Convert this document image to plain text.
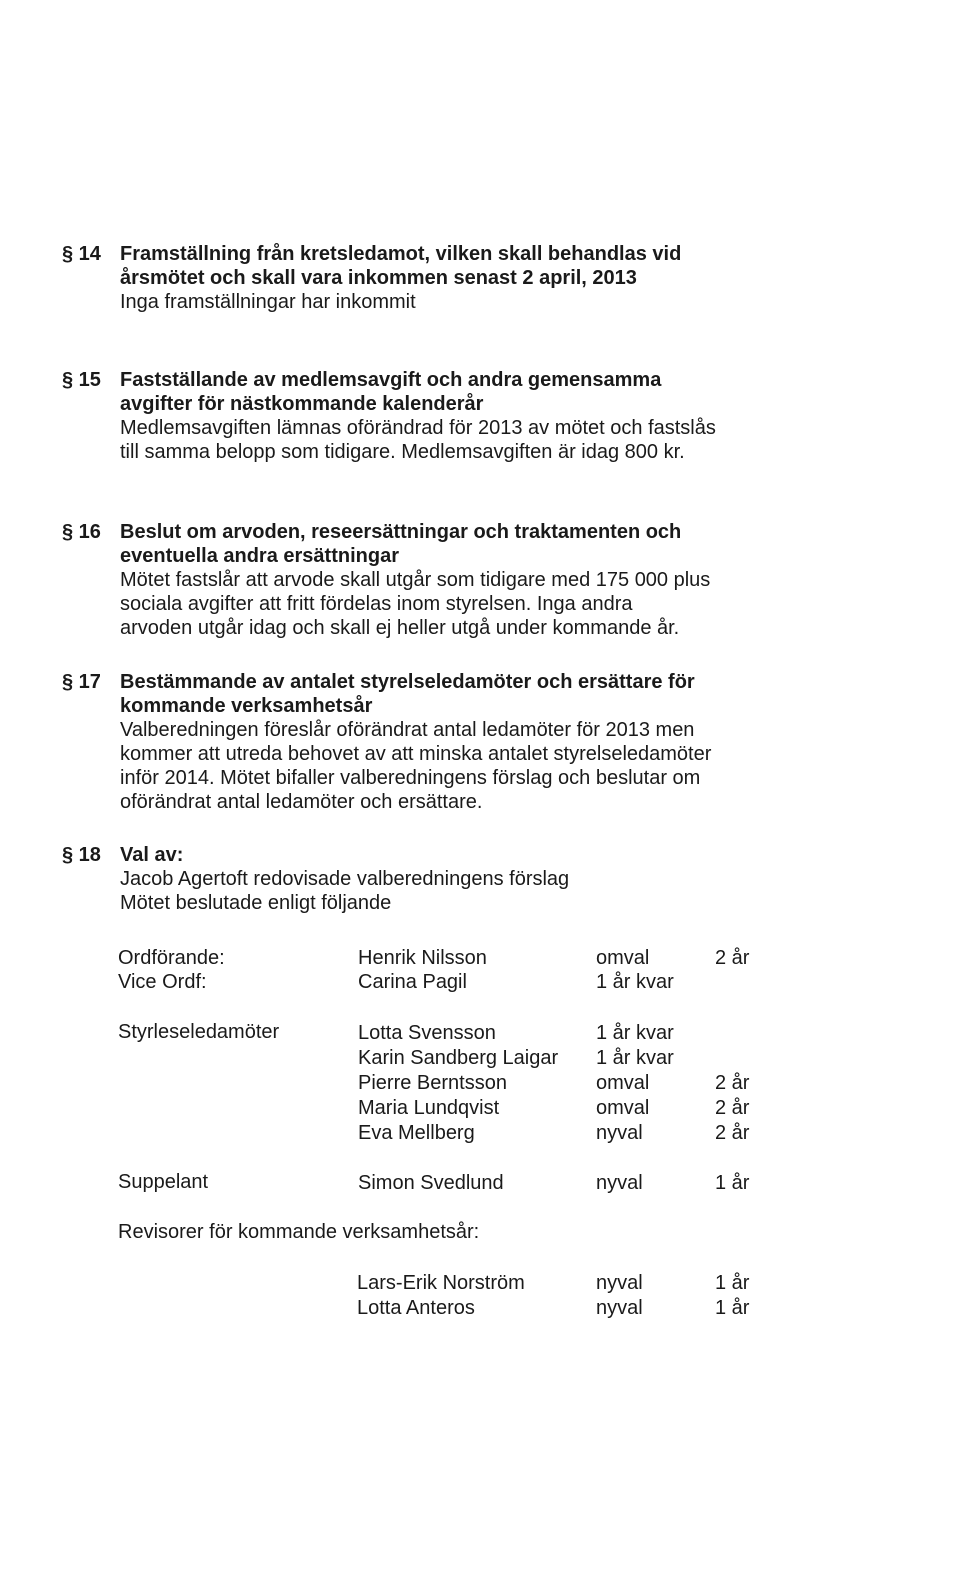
§ 14 Framställning från kretsledamot, vilken skall behandlas vid
årsmötet och skall vara inkommen senast 2 april, 2013

Inga framställningar har inkommit

§ 15 Fastställande av medlemsavgift och andra gemensamma
avgifter för nästkommande kalenderår

Medlemsavgiften lämnas oförändrad för 2013 av mötet och fastslås
till samma belopp som tidigare. Medlemsavgiften är idag 800 kr.

§ 16 Beslut om arvoden, reseersättningar och traktamenten och
eventuella andra ersättningar

Mötet fastslår att arvode skall utgår som tidigare med 175 000 plus
sociala avgifter att fritt fördelas inom styrelsen. Inga andra
arvoden utgår idag och skall ej heller utgå under kommande år.

§ 17 Bestämmande av antalet styrelseledamöter och ersättare för
kommande verksamhetsår

Valberedningen föreslår oförändrat antal ledamöter för 2013 men
kommer att utreda behovet av att minska antalet styrelseledamöter
inför 2014. Mötet bifaller valberedningens förslag och beslutar om
oförändrat antal ledamöter och ersättare.

§ 18 Val av:

Jacob Agertoft redovisade valberedningens förslag
Mötet beslutade enligt följande

Ordförande:	Henrik Nilsson	omval	2 år
Vice Ordf:	Carina Pagil	1 år kvar
Styrleseledamöter	Lotta Svensson	1 år kvar
Karin Sandberg Laigar 1 år kvar
Pierre Berntsson	omval	2 år
Maria Lundqvist	omval	2 år
Eva Mellberg	nyval	2 år
Suppelant	Simon Svedlund	nyval	1 år
Revisorer för kommande verksamhetsår:
Lars-Erik Norström	nyval	1 år
Lotta Anteros	nyval	1 år
